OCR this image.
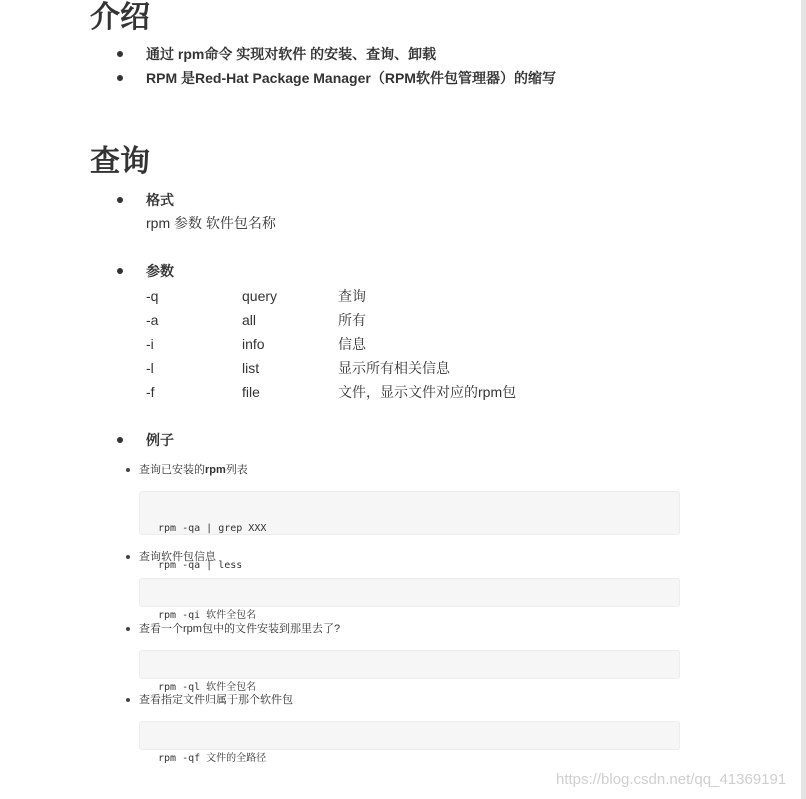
介绍
通过 rpm命令 实现对软件 的安装、查询、卸载
RPM 是Red-Hat Package Manager（RPM软件包管理器）的缩写
查询
格式
rpm 参数 软件包名称
参数
-q	query	查询
-a	all	所有
-i	info	信息
-l	list	显示所有相关信息
-f	file	文件，显示文件对应的rpm包
例子
查询已安装的rpm列表

rpm -qa | grep XXX

rpm -qa | less

查询软件包信息

rpm -qi 软件全包名

查看一个rpm包中的文件安装到那里去了?

rpm -ql 软件全包名

查看指定文件归属于那个软件包

rpm -qf 文件的全路径

https://blog.csdn.net/qq_41369191
